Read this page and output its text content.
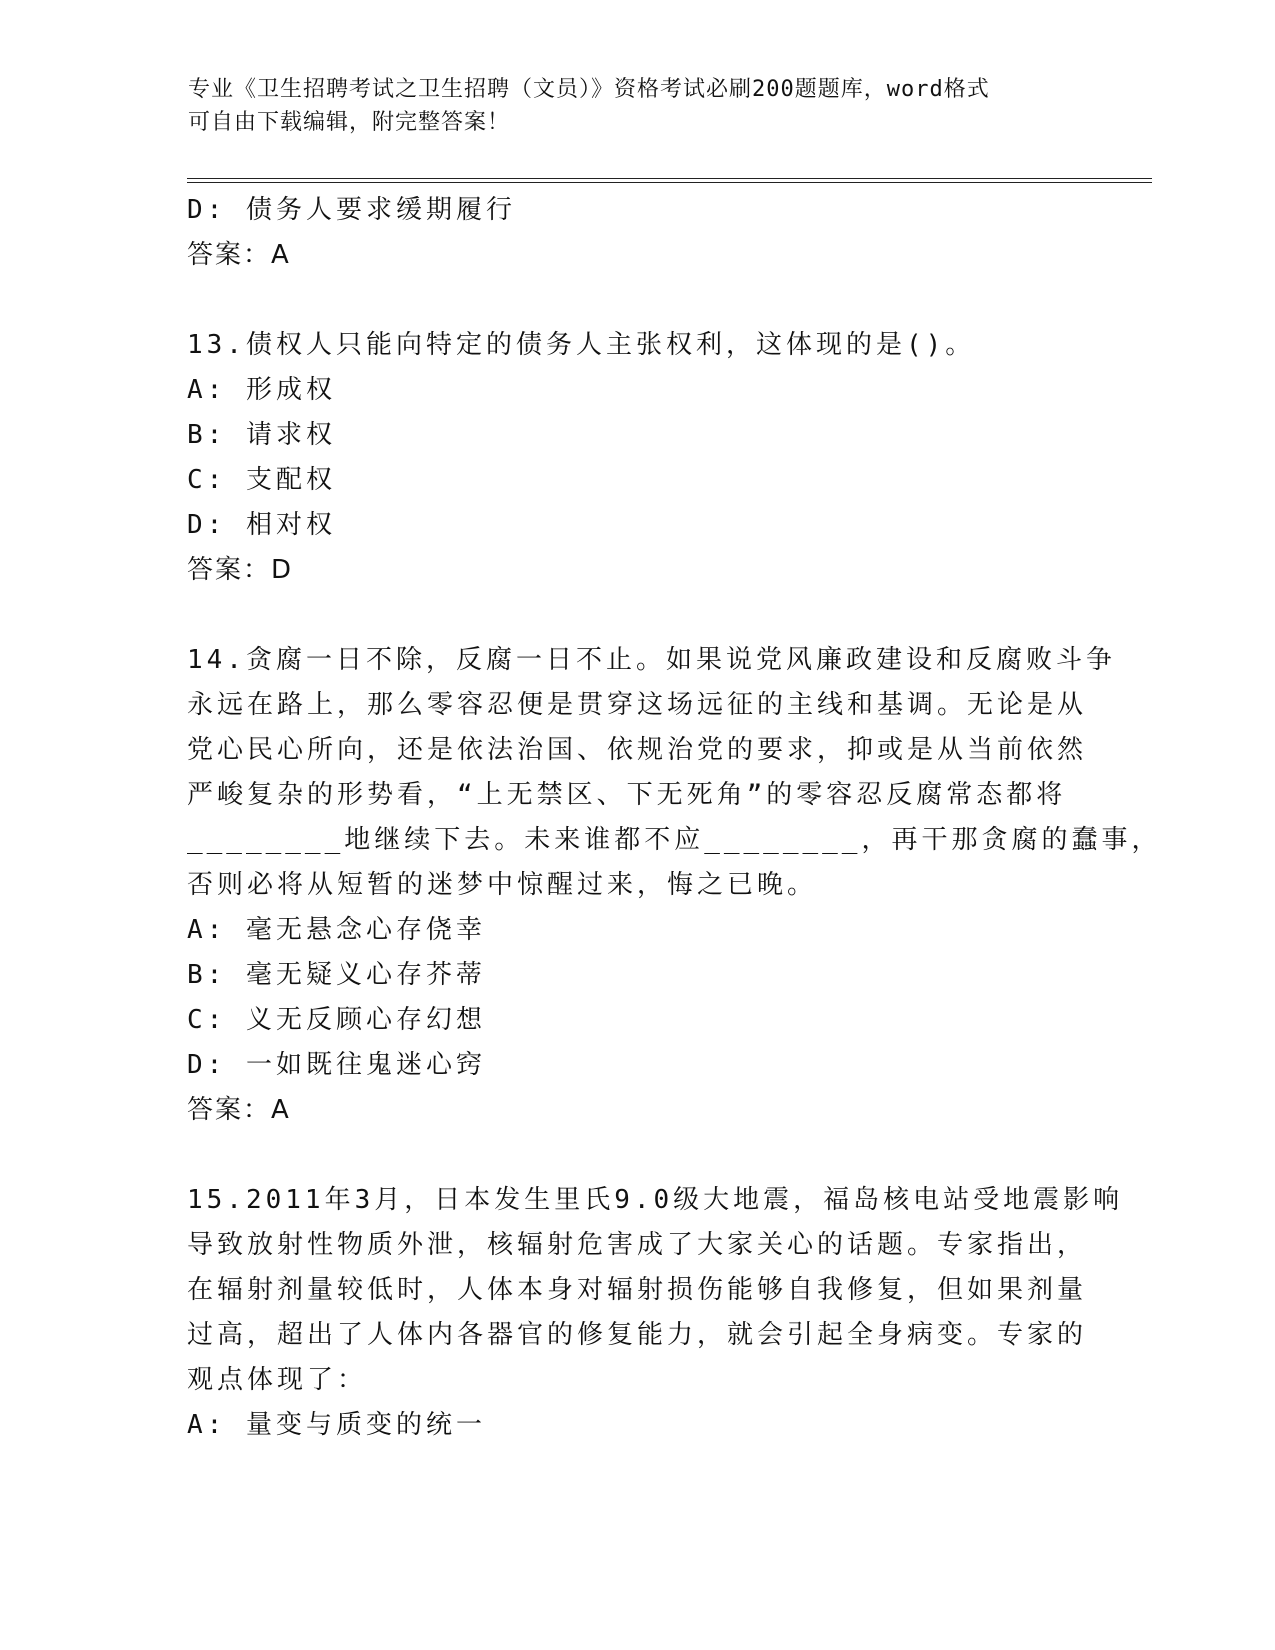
专业《卫生招聘考试之卫生招聘（文员）》资格考试必刷200题题库，word格式
可自由下载编辑，附完整答案！
D: 债务人要求缓期履行
答案：A
13.债权人只能向特定的债务人主张权利，这体现的是()。
A: 形成权
B: 请求权
C: 支配权
D: 相对权
答案：D
14.贪腐一日不除，反腐一日不止。如果说党风廉政建设和反腐败斗争
永远在路上，那么零容忍便是贯穿这场远征的主线和基调。无论是从
党心民心所向，还是依法治国、依规治党的要求，抑或是从当前依然
严峻复杂的形势看，“上无禁区、下无死角”的零容忍反腐常态都将
________地继续下去。未来谁都不应________，再干那贪腐的蠢事，
否则必将从短暂的迷梦中惊醒过来，悔之已晚。
A: 毫无悬念心存侥幸
B: 毫无疑义心存芥蒂
C: 义无反顾心存幻想
D: 一如既往鬼迷心窍
答案：A
15.2011年3月，日本发生里氏9.0级大地震，福岛核电站受地震影响
导致放射性物质外泄，核辐射危害成了大家关心的话题。专家指出，
在辐射剂量较低时，人体本身对辐射损伤能够自我修复，但如果剂量
过高，超出了人体内各器官的修复能力，就会引起全身病变。专家的
观点体现了：
A: 量变与质变的统一
